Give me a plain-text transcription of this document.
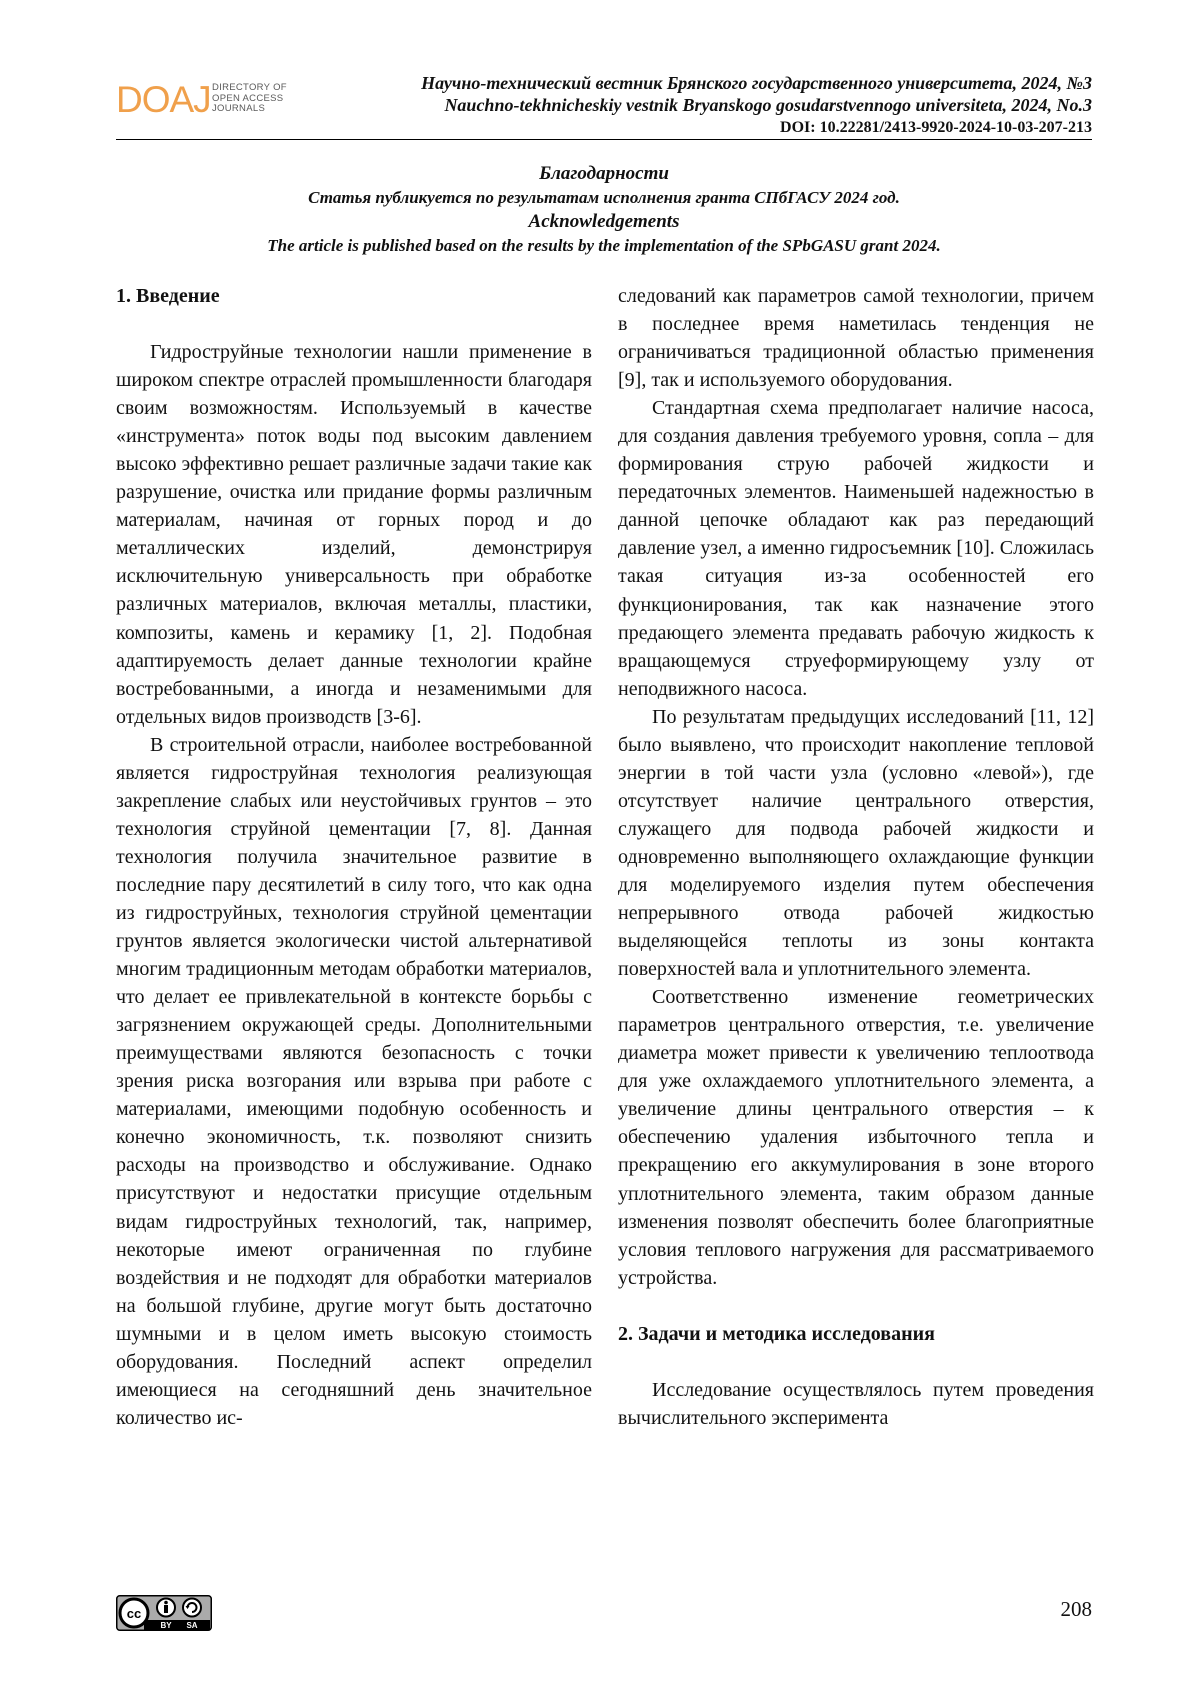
DOAJ DIRECTORY OF
OPEN ACCESS
JOURNALS
Научно-технический вестник Брянского государственного университета, 2024, №3
Nauchno-tekhnicheskiy vestnik Bryanskogo gosudarstvennogo universiteta, 2024, No.3
DOI: 10.22281/2413-9920-2024-10-03-207-213
Благодарности
Статья публикуется по результатам исполнения гранта СПбГАСУ 2024 год.
Acknowledgements
The article is published based on the results by the implementation of the SPbGASU grant 2024.

1. Введение

Гидроструйные технологии нашли применение в широком спектре отраслей промышленности благодаря своим возможностям. Используемый в качестве «инструмента» поток воды под высоким давлением высоко эффективно решает различные задачи такие как разрушение, очистка или придание формы различным материалам, начиная от горных пород и до металлических изделий, демонстрируя исключительную универсальность при обработке различных материалов, включая металлы, пластики, композиты, камень и керамику [1, 2]. Подобная адаптируемость делает данные технологии крайне востребованными, а иногда и незаменимыми для отдельных видов производств [3-6].

В строительной отрасли, наиболее востребованной является гидроструйная технология реализующая закрепление слабых или неустойчивых грунтов – это технология струйной цементации [7, 8]. Данная технология получила значительное развитие в последние пару десятилетий в силу того, что как одна из гидроструйных, технология струйной цементации грунтов является экологически чистой альтернативой многим традиционным методам обработки материалов, что делает ее привлекательной в контексте борьбы с загрязнением окружающей среды. Дополнительными преимуществами являются безопасность с точки зрения риска возгорания или взрыва при работе с материалами, имеющими подобную особенность и конечно экономичность, т.к. позволяют снизить расходы на производство и обслуживание. Однако присутствуют и недостатки присущие отдельным видам гидроструйных технологий, так, например, некоторые имеют ограниченная по глубине воздействия и не подходят для обработки материалов на большой глубине, другие могут быть достаточно шумными и в целом иметь высокую стоимость оборудования. Последний аспект определил имеющиеся на сегодняшний день значительное количество ис-

следований как параметров самой технологии, причем в последнее время наметилась тенденция не ограничиваться традиционной областью применения [9], так и используемого оборудования.

Стандартная схема предполагает наличие насоса, для создания давления требуемого уровня, сопла – для формирования струю рабочей жидкости и передаточных элементов. Наименьшей надежностью в данной цепочке обладают как раз передающий давление узел, а именно гидросъемник [10]. Сложилась такая ситуация из-за особенностей его функционирования, так как назначение этого предающего элемента предавать рабочую жидкость к вращающемуся струеформирующему узлу от неподвижного насоса.

По результатам предыдущих исследований [11, 12] было выявлено, что происходит накопление тепловой энергии в той части узла (условно «левой»), где отсутствует наличие центрального отверстия, служащего для подвода рабочей жидкости и одновременно выполняющего охлаждающие функции для моделируемого изделия путем обеспечения непрерывного отвода рабочей жидкостью выделяющейся теплоты из зоны контакта поверхностей вала и уплотнительного элемента.

Соответственно изменение геометрических параметров центрального отверстия, т.е. увеличение диаметра может привести к увеличению теплоотвода для уже охлаждаемого уплотнительного элемента, а увеличение длины центрального отверстия – к обеспечению удаления избыточного тепла и прекращению его аккумулирования в зоне второго уплотнительного элемента, таким образом данные изменения позволят обеспечить более благоприятные условия теплового нагружения для рассматриваемого устройства.

2. Задачи и методика исследования

Исследование осуществлялось путем проведения вычислительного эксперимента

cc
BY SA
208
